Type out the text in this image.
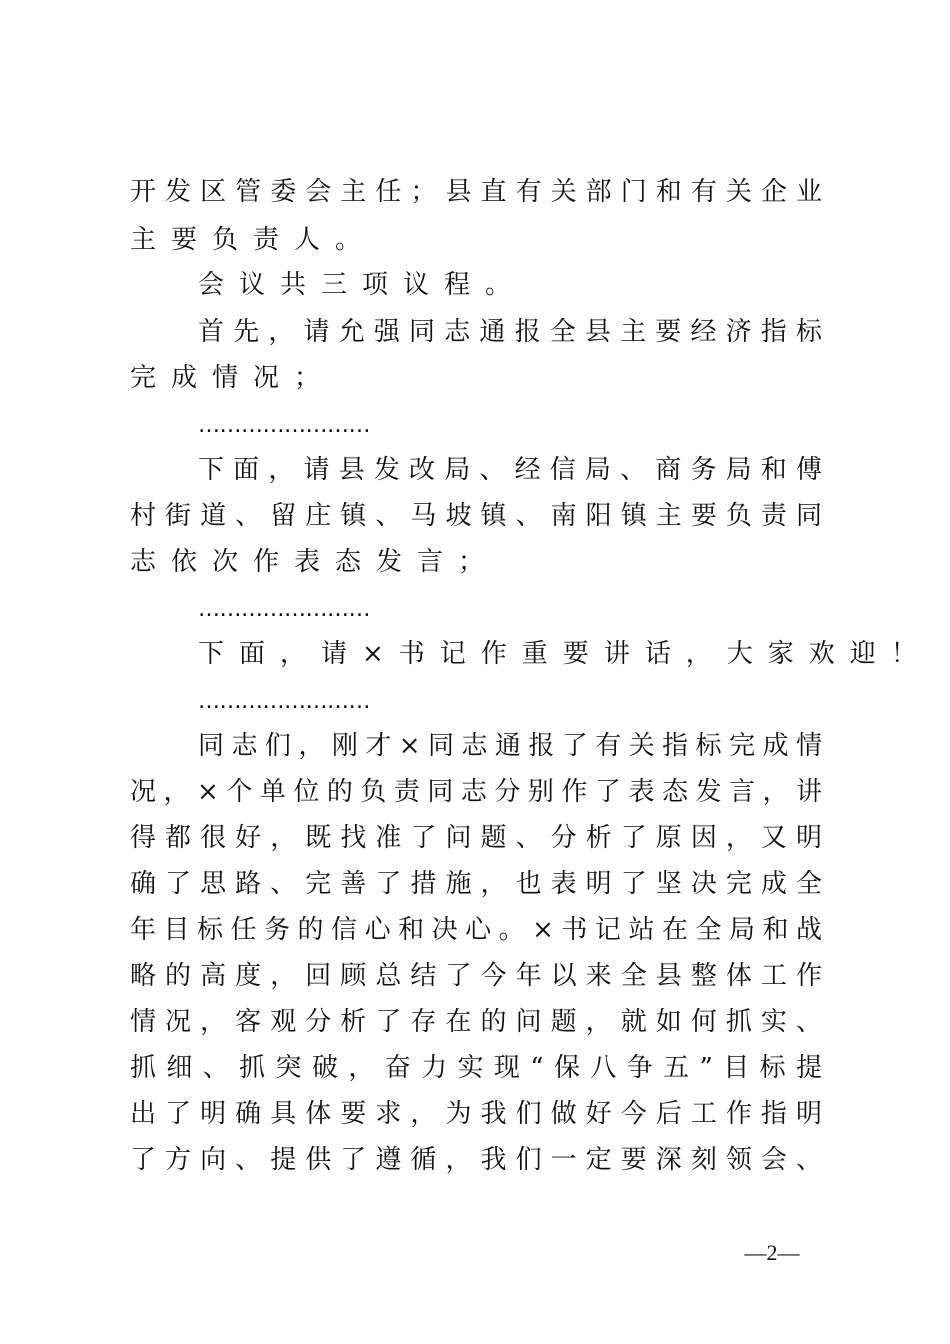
开发区管委会主任；县直有关部门和有关企业
主要负责人。
会议共三项议程。
首先，请允强同志通报全县主要经济指标
完成情况；
……………………
下面，请县发改局、经信局、商务局和傅
村街道、留庄镇、马坡镇、南阳镇主要负责同
志依次作表态发言；
……………………
下面，请×书记作重要讲话，大家欢迎！
……………………
同志们，刚才×同志通报了有关指标完成情
况，×个单位的负责同志分别作了表态发言，讲
得都很好，既找准了问题、分析了原因，又明
确了思路、完善了措施，也表明了坚决完成全
年目标任务的信心和决心。×书记站在全局和战
略的高度，回顾总结了今年以来全县整体工作
情况，客观分析了存在的问题，就如何抓实、
抓细、抓突破，奋力实现“保八争五”目标提
出了明确具体要求，为我们做好今后工作指明
了方向、提供了遵循，我们一定要深刻领会、
—2—
